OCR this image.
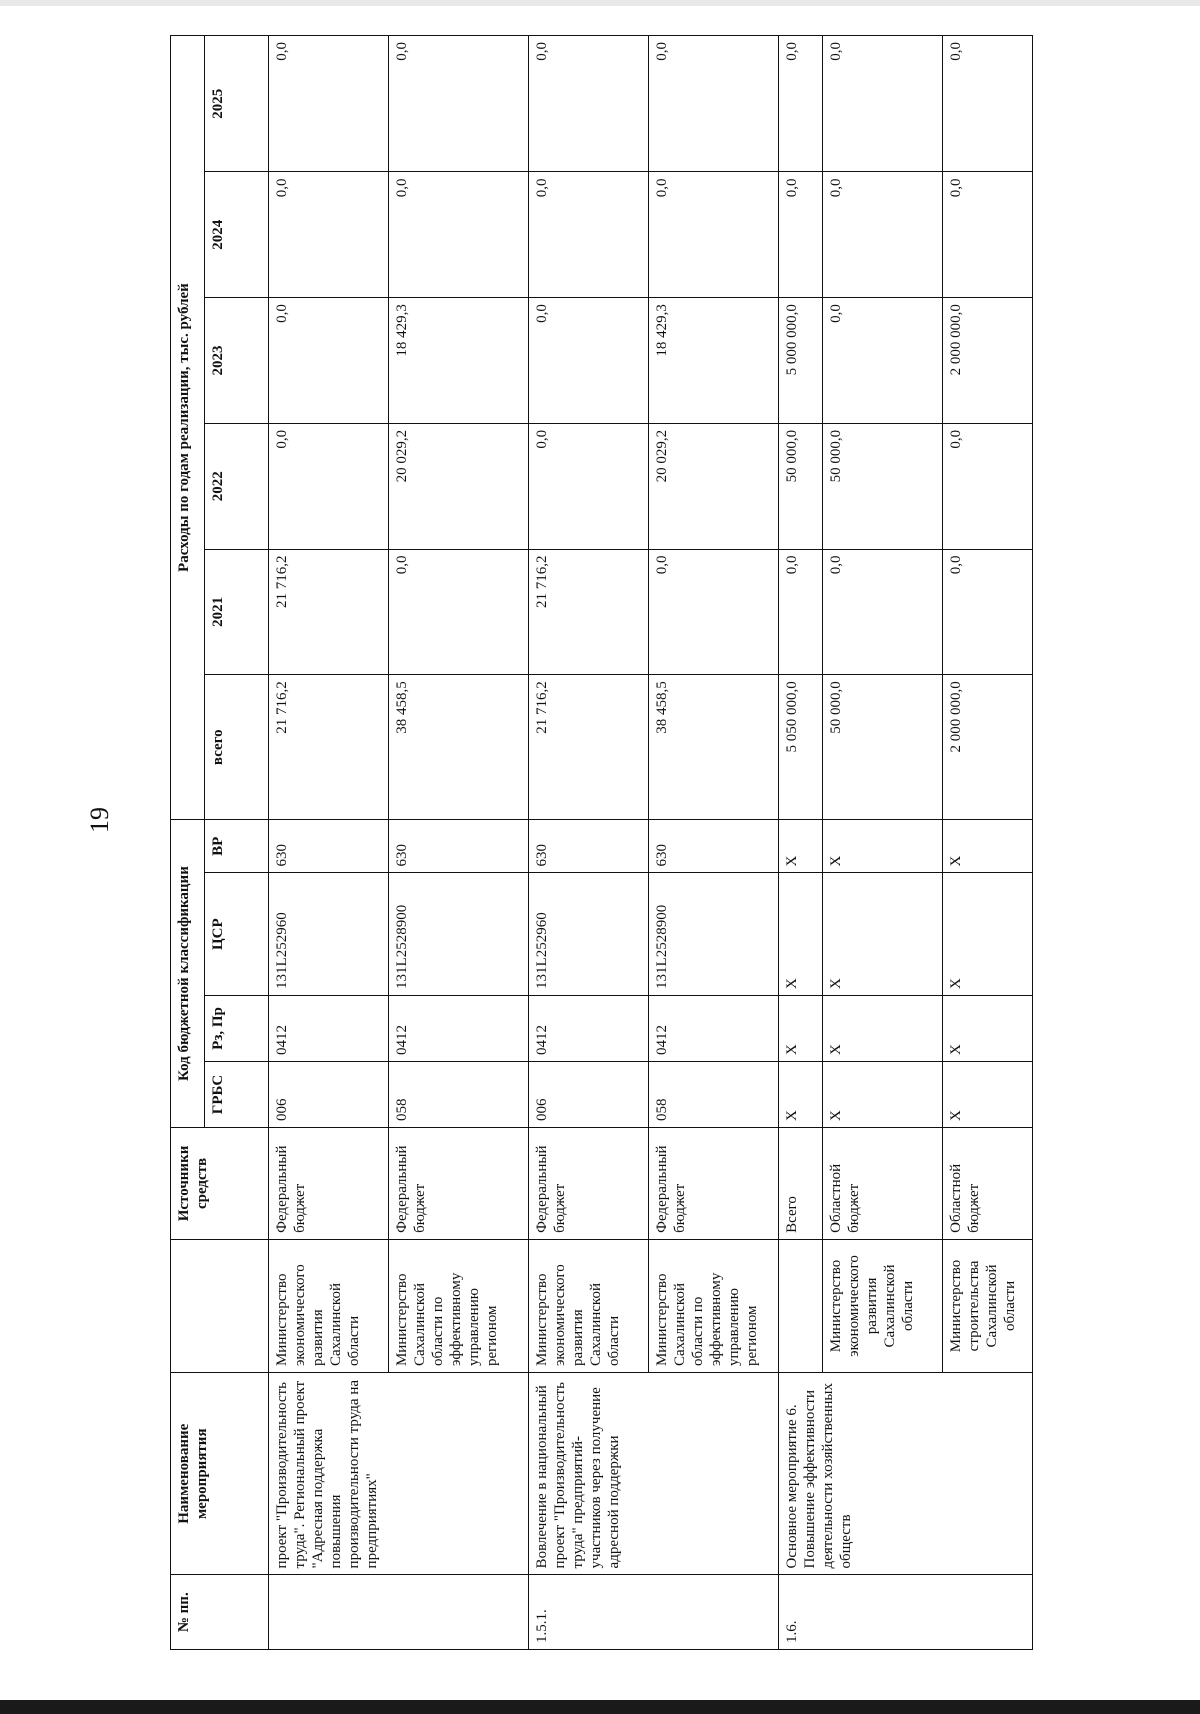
19
№ пп.	Наименование мероприятия		Источники средств	Код бюджетной классификации				Расходы по годам реализации, тыс. рублей					
				ГРБС	Рз, Пр	ЦСР	ВР	всего	2021	2022	2023	2024	2025
	проект "Производительность труда". Региональный проект "Адресная поддержка повышения производительности труда на предприятиях"	Министерство экономического развития Сахалинской области	Федеральный бюджет	006	0412	131L252960	630	21 716,2	21 716,2	0,0	0,0	0,0	0,0
		Министерство Сахалинской области по эффективному управлению регионом	Федеральный бюджет	058	0412	131L2528900	630	38 458,5	0,0	20 029,2	18 429,3	0,0	0,0
1.5.1.	Вовлечение в национальный проект "Производительность труда" предприятий-участников через получение адресной поддержки	Министерство экономического развития Сахалинской области	Федеральный бюджет	006	0412	131L252960	630	21 716,2	21 716,2	0,0	0,0	0,0	0,0
		Министерство Сахалинской области по эффективному управлению регионом	Федеральный бюджет	058	0412	131L2528900	630	38 458,5	0,0	20 029,2	18 429,3	0,0	0,0
1.6.	Основное мероприятие 6. Повышение эффективности деятельности хозяйственных обществ		Всего	Х	Х	Х	Х	5 050 000,0	0,0	50 000,0	5 000 000,0	0,0	0,0
		Министерство экономического развития Сахалинской области	Областной бюджет	Х	Х	Х	Х	50 000,0	0,0	50 000,0	0,0	0,0	0,0
		Министерство строительства Сахалинской области	Областной бюджет	Х	Х	Х	Х	2 000 000,0	0,0	0,0	2 000 000,0	0,0	0,0
